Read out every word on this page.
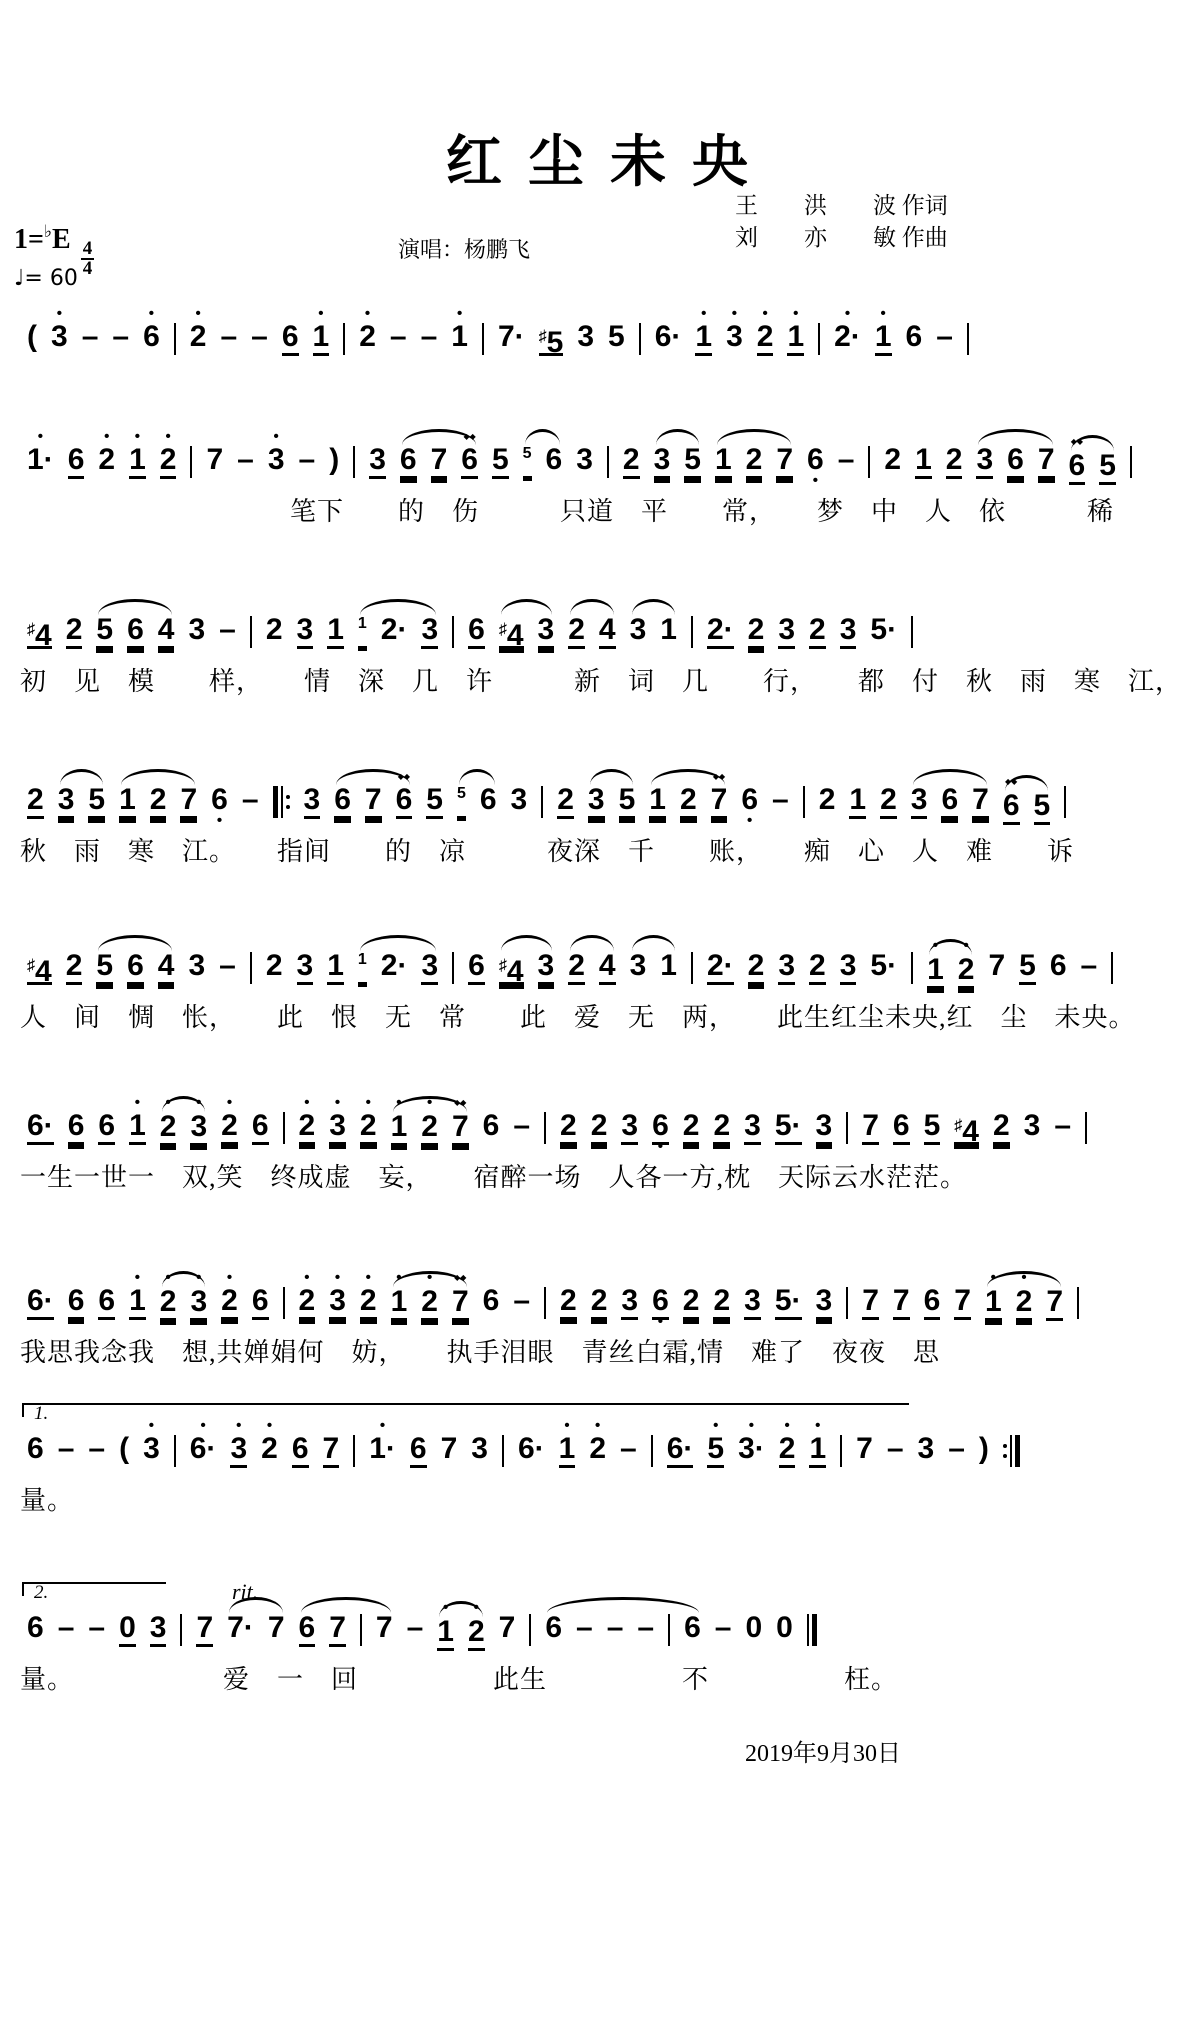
红 尘 未 央
王　　洪　　波 作词
刘　　亦　　敏 作曲
演唱：杨鹏飞
1=♭E
$\frac{4}{4}$
♩= 60
(
•
3 – –
•
6
•
2 – – 6
•
1
•
2 – –
•
1 7· ♯5 3 5 6·
•
1
•
3
•
2
•
1
•
2·
•
1 6 –
•
1· 6
•
2
•
1
•
2 7 –
•
3 – ) 3 6 7
◆◆
6 5 5 6 3 2 3 5 1 2 7
•
6
•
– 2 1 2 3 6 7
◆◆
6 5
　　　　　　　　　　笔下　　的　伤　　　只道　平　　常，　　梦　中　人　依　　　稀
♯4 2 5 6 4 3 – 2 3 1 1 2· 3 6 ♯4 3 2 4 3 1 2· 2 3 2 3 5·
初　见　模　　样，　　情　深　几　许　　　新　词　几　　行，　　都　付　秋　雨　寒　江，
2 3 5 1 2 7
•
6
•
– 3 6 7
◆◆
6 5 5 6 3 2 3 5 1 2
◆◆
7
•
6
•
– 2 1 2 3 6 7
◆◆
6 5
秋　雨　寒　江。　　指间　　的　凉　　　夜深　千　　账，　　痴　心　人　难　　诉
♯4 2 5 6 4 3 – 2 3 1 1 2· 3 6 ♯4 3 2 4 3 1 2· 2 3 2 3 5·
•
1
•
2 7 5 6 –
人　间　惆　怅，　　此　恨　无　常　　此　爱　无　两，　　此生红尘未央,红　尘　未央。
6· 6 6
•
1
•
2
•
3
•
2 6
•
2
•
3
•
2
•
1
•
2
◆◆
7 6 – 2 2 3 6
•
2 2 3 5· 3 7 6 5 ♯4 2 3 –
一生一世一　双,笑　终成虚　妄，　　宿醉一场　人各一方,枕　天际云水茫茫。
6· 6 6
•
1
•
2
•
3
•
2 6
•
2
•
3
•
2
•
1
•
2
◆◆
7 6 – 2 2 3 6
•
2 2 3 5· 3 7 7 6 7
•
1
•
2 7
我思我念我　想,共婵娟何　妨，　　执手泪眼　青丝白霜,情　难了　夜夜　思
1.
6 – – (
•
3
•
6·
•
3
•
2 6 7
•
1· 6 7 3 6·
•
1
•
2 – 6·
•
5
•
3·
•
2
•
1 7 – 3 – )
量。
2.	rit.
6 – – 0 3 7 7· 7 6 7 7 –
•
1
•
2 7 6 – – – 6 – 0 0
量。　　　　　　爱　一　回　　　　　此生　　　　　不　　　　　枉。
2019年9月30日
